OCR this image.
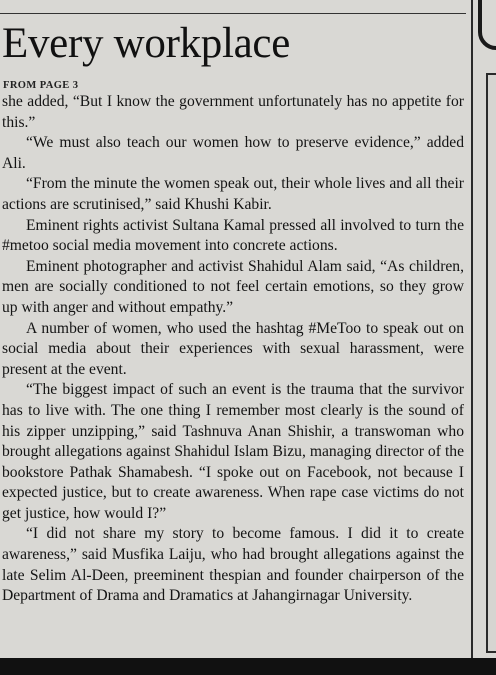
Every workplace
FROM PAGE 3

she added, “But I know the government unfortunately has no appetite for this.”

“We must also teach our women how to preserve evidence,” added Ali.

“From the minute the women speak out, their whole lives and all their actions are scrutinised,” said Khushi Kabir.

Eminent rights activist Sultana Kamal pressed all involved to turn the #metoo social media movement into concrete actions.

Eminent photographer and activist Shahidul Alam said, “As children, men are socially conditioned to not feel certain emotions, so they grow up with anger and without empathy.”

A number of women, who used the hashtag #MeToo to speak out on social media about their experiences with sexual harassment, were present at the event.

“The biggest impact of such an event is the trauma that the survivor has to live with. The one thing I remember most clearly is the sound of his zipper unzipping,” said Tashnuva Anan Shishir, a transwoman who brought allegations against Shahidul Islam Bizu, managing director of the bookstore Pathak Shamabesh. “I spoke out on Facebook, not because I expected justice, but to create awareness. When rape case victims do not get justice, how would I?”

“I did not share my story to become famous. I did it to create awareness,” said Musfika Laiju, who had brought allegations against the late Selim Al-Deen, preeminent thespian and founder chairperson of the Department of Drama and Dramatics at Jahangirnagar University.
